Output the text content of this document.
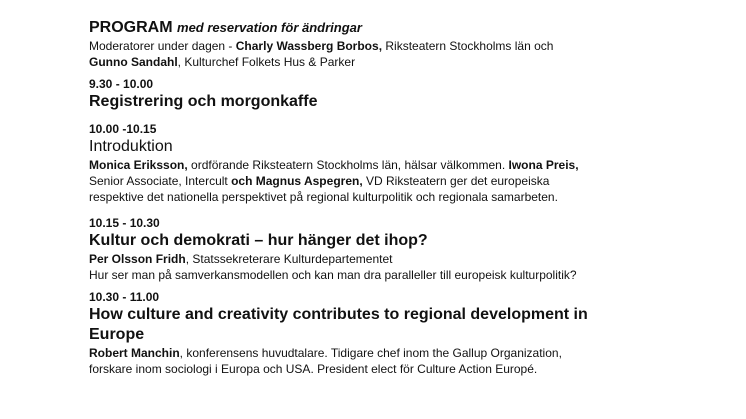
PROGRAM med reservation för ändringar
Moderatorer under dagen - Charly Wassberg Borbos, Riksteatern Stockholms län och
Gunno Sandahl, Kulturchef Folkets Hus & Parker
9.30 - 10.00
Registrering och morgonkaffe
10.00 -10.15
Introduktion
Monica Eriksson, ordförande Riksteatern Stockholms län, hälsar välkommen. Iwona Preis,
Senior Associate, Intercult och Magnus Aspegren, VD Riksteatern ger det europeiska
respektive det nationella perspektivet på regional kulturpolitik och regionala samarbeten.
10.15 - 10.30
Kultur och demokrati – hur hänger det ihop?
Per Olsson Fridh, Statssekreterare Kulturdepartementet
Hur ser man på samverkansmodellen och kan man dra paralleller till europeisk kulturpolitik?
10.30 - 11.00
How culture and creativity contributes to regional development in
Europe
Robert Manchin, konferensens huvudtalare. Tidigare chef inom the Gallup Organization,
forskare inom sociologi i Europa och USA. President elect för Culture Action Europé.
